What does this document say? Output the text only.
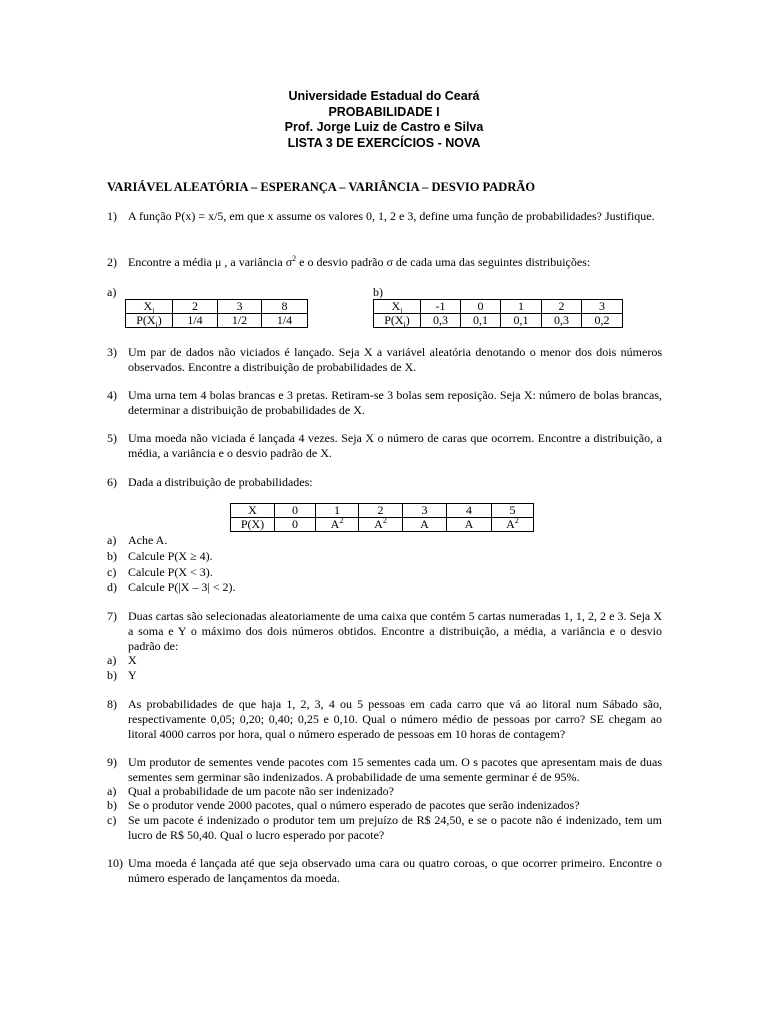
Universidade Estadual do Ceará
PROBABILIDADE I
Prof. Jorge Luiz de Castro e Silva
LISTA 3 DE EXERCÍCIOS - NOVA
VARIÁVEL ALEATÓRIA – ESPERANÇA – VARIÂNCIA – DESVIO PADRÃO
1) A função P(x) = x/5, em que x assume os valores 0, 1, 2 e 3, define uma função de probabilidades? Justifique.
2) Encontre a média μ , a variância $\sigma^2$ e o desvio padrão σ de cada uma das seguintes distribuições:
a)	b)
$X_i$	2	3	8
$P(X_i)$	1/4	1/2	1/4
$X_i$	-1	0	1	2	3
$P(X_i)$	0,3	0,1	0,1	0,3	0,2
3) Um par de dados não viciados é lançado. Seja X a variável aleatória denotando o menor dos dois números observados. Encontre a distribuição de probabilidades de X.
4) Uma urna tem 4 bolas brancas e 3 pretas. Retiram-se 3 bolas sem reposição. Seja X: número de bolas brancas, determinar a distribuição de probabilidades de X.
5) Uma moeda não viciada é lançada 4 vezes. Seja X o número de caras que ocorrem. Encontre a distribuição, a média, a variância e o desvio padrão de X.
6) Dada a distribuição de probabilidades:
X	0	1	2	3	4	5
P(X)	0	$A^2$	$A^2$	A	A	$A^2$
a) Ache A.
b) Calcule P(X ≥ 4).
c) Calcule P(X < 3).
d) Calcule P(|X – 3| < 2).
7) Duas cartas são selecionadas aleatoriamente de uma caixa que contém 5 cartas numeradas 1, 1, 2, 2 e 3. Seja X a soma e Y o máximo dos dois números obtidos. Encontre a distribuição, a média, a variância e o desvio padrão de:
a) X
b) Y
8) As probabilidades de que haja 1, 2, 3, 4 ou 5 pessoas em cada carro que vá ao litoral num Sábado são, respectivamente 0,05; 0,20; 0,40; 0,25 e 0,10. Qual o número médio de pessoas por carro? SE chegam ao litoral 4000 carros por hora, qual o número esperado de pessoas em 10 horas de contagem?
9) Um produtor de sementes vende pacotes com 15 sementes cada um. O s pacotes que apresentam mais de duas sementes sem germinar são indenizados. A probabilidade de uma semente germinar é de 95%.
a) Qual a probabilidade de um pacote não ser indenizado?
b) Se o produtor vende 2000 pacotes, qual o número esperado de pacotes que serão indenizados?
c) Se um pacote é indenizado o produtor tem um prejuízo de R$ 24,50, e se o pacote não é indenizado, tem um lucro de R$ 50,40. Qual o lucro esperado por pacote?
10) Uma moeda é lançada até que seja observado uma cara ou quatro coroas, o que ocorrer primeiro. Encontre o número esperado de lançamentos da moeda.
